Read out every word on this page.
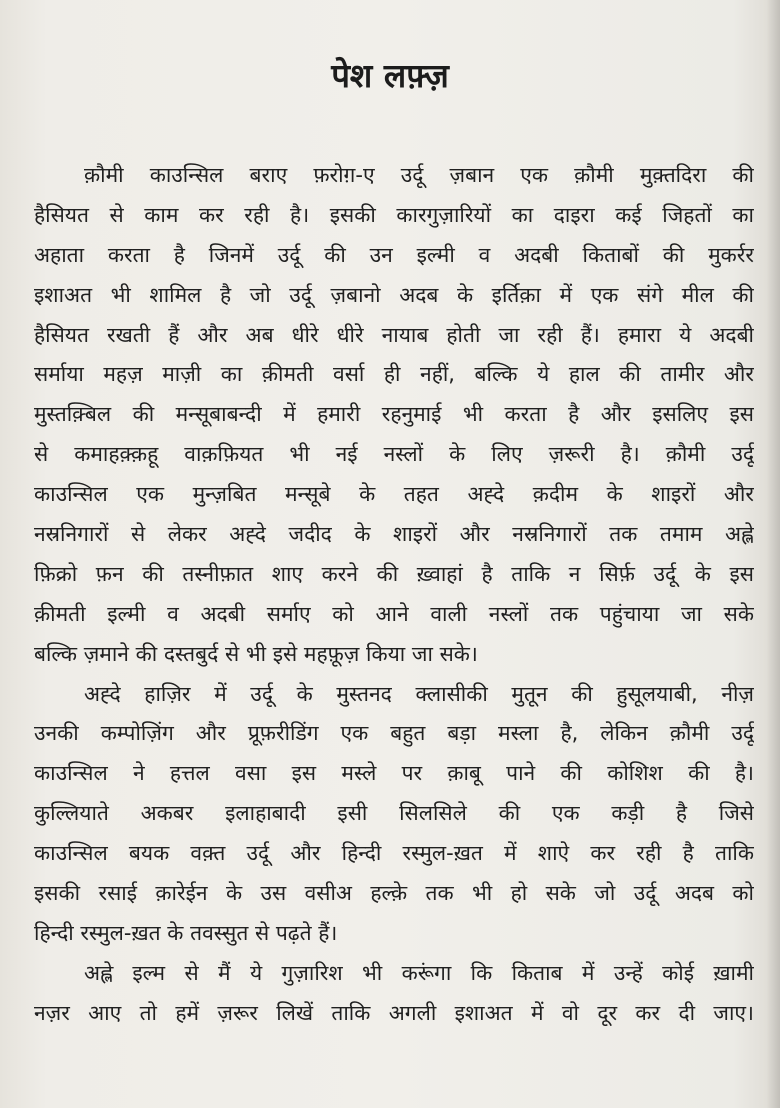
पेश लफ़्ज़
क़ौमी काउन्सिल बराए फ़रोग़-ए उर्दू ज़बान एक क़ौमी मुक़्तदिरा की
हैसियत से काम कर रही है। इसकी कारगुज़ारियों का दाइरा कई जिहतों का
अहाता करता है जिनमें उर्दू की उन इल्मी व अदबी किताबों की मुकर्रर
इशाअत भी शामिल है जो उर्दू ज़बानो अदब के इर्तिक़ा में एक संगे मील की
हैसियत रखती हैं और अब धीरे धीरे नायाब होती जा रही हैं। हमारा ये अदबी
सर्माया महज़ माज़ी का क़ीमती वर्सा ही नहीं, बल्कि ये हाल की तामीर और
मुस्तक़्बिल की मन्सूबाबन्दी में हमारी रहनुमाई भी करता है और इसलिए इस
से कमाहक़्क़हू वाक़फ़ियत भी नई नस्लों के लिए ज़रूरी है। क़ौमी उर्दू
काउन्सिल एक मुन्ज़बित मन्सूबे के तहत अह्दे क़दीम के शाइरों और
नस्रनिगारों से लेकर अह्दे जदीद के शाइरों और नस्रनिगारों तक तमाम अह्ले
फ़िक्रो फ़न की तस्नीफ़ात शाए करने की ख़्वाहां है ताकि न सिर्फ़ उर्दू के इस
क़ीमती इल्मी व अदबी सर्माए को आने वाली नस्लों तक पहुंचाया जा सके
बल्कि ज़माने की दस्तबुर्द से भी इसे महफ़ूज़ किया जा सके।
अह्दे हाज़िर में उर्दू के मुस्तनद क्लासीकी मुतून की हुसूलयाबी, नीज़
उनकी कम्पोज़िंग और प्रूफ़रीडिंग एक बहुत बड़ा मस्ला है, लेकिन क़ौमी उर्दू
काउन्सिल ने हत्तल वसा इस मस्ले पर क़ाबू पाने की कोशिश की है।
कुल्लियाते अकबर इलाहाबादी इसी सिलसिले की एक कड़ी है जिसे
काउन्सिल बयक वक़्त उर्दू और हिन्दी रस्मुल-ख़त में शाऐ कर रही है ताकि
इसकी रसाई क़ारेईन के उस वसीअ हल्क़े तक भी हो सके जो उर्दू अदब को
हिन्दी रस्मुल-ख़त के तवस्सुत से पढ़ते हैं।
अह्ले इल्म से मैं ये गुज़ारिश भी करूंगा कि किताब में उन्हें कोई ख़ामी
नज़र आए तो हमें ज़रूर लिखें ताकि अगली इशाअत में वो दूर कर दी जाए।
